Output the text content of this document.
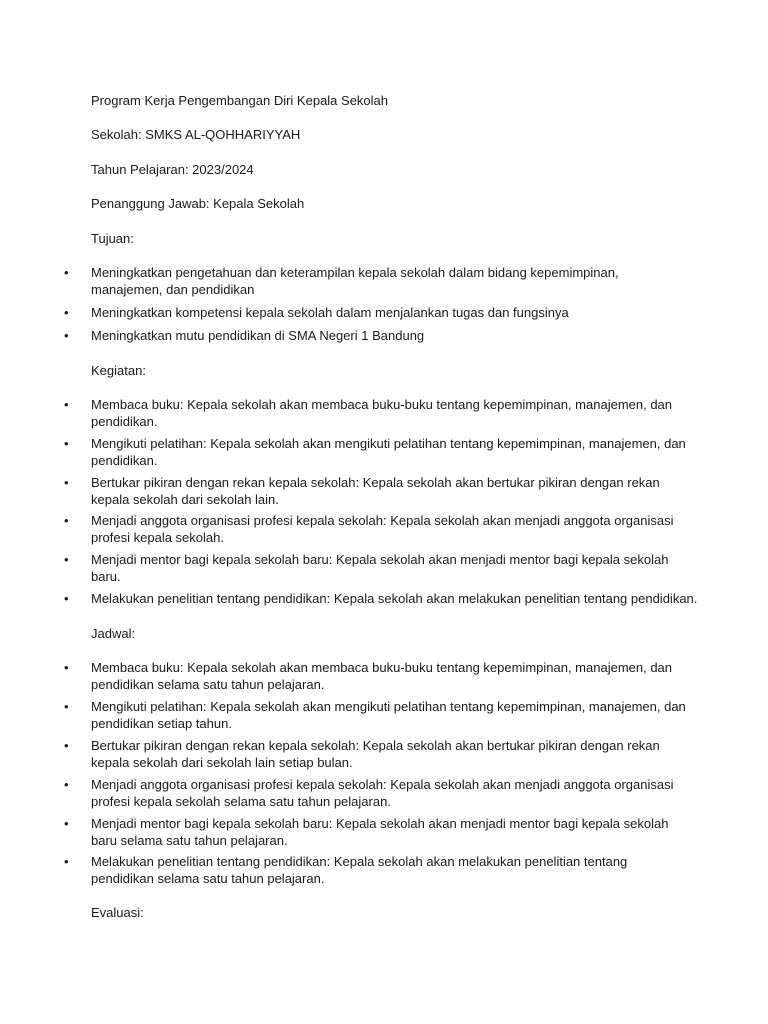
Program Kerja Pengembangan Diri Kepala Sekolah

Sekolah: SMKS AL-QOHHARIYYAH

Tahun Pelajaran: 2023/2024

Penanggung Jawab: Kepala Sekolah

Tujuan:

• Meningkatkan pengetahuan dan keterampilan kepala sekolah dalam bidang kepemimpinan, manajemen, dan pendidikan
• Meningkatkan kompetensi kepala sekolah dalam menjalankan tugas dan fungsinya
• Meningkatkan mutu pendidikan di SMA Negeri 1 Bandung

Kegiatan:

• Membaca buku: Kepala sekolah akan membaca buku-buku tentang kepemimpinan, manajemen, dan pendidikan.
• Mengikuti pelatihan: Kepala sekolah akan mengikuti pelatihan tentang kepemimpinan, manajemen, dan pendidikan.
• Bertukar pikiran dengan rekan kepala sekolah: Kepala sekolah akan bertukar pikiran dengan rekan kepala sekolah dari sekolah lain.
• Menjadi anggota organisasi profesi kepala sekolah: Kepala sekolah akan menjadi anggota organisasi profesi kepala sekolah.
• Menjadi mentor bagi kepala sekolah baru: Kepala sekolah akan menjadi mentor bagi kepala sekolah baru.
• Melakukan penelitian tentang pendidikan: Kepala sekolah akan melakukan penelitian tentang pendidikan.

Jadwal:

• Membaca buku: Kepala sekolah akan membaca buku-buku tentang kepemimpinan, manajemen, dan pendidikan selama satu tahun pelajaran.
• Mengikuti pelatihan: Kepala sekolah akan mengikuti pelatihan tentang kepemimpinan, manajemen, dan pendidikan setiap tahun.
• Bertukar pikiran dengan rekan kepala sekolah: Kepala sekolah akan bertukar pikiran dengan rekan kepala sekolah dari sekolah lain setiap bulan.
• Menjadi anggota organisasi profesi kepala sekolah: Kepala sekolah akan menjadi anggota organisasi profesi kepala sekolah selama satu tahun pelajaran.
• Menjadi mentor bagi kepala sekolah baru: Kepala sekolah akan menjadi mentor bagi kepala sekolah baru selama satu tahun pelajaran.
• Melakukan penelitian tentang pendidikan: Kepala sekolah akan melakukan penelitian tentang pendidikan selama satu tahun pelajaran.

Evaluasi:
